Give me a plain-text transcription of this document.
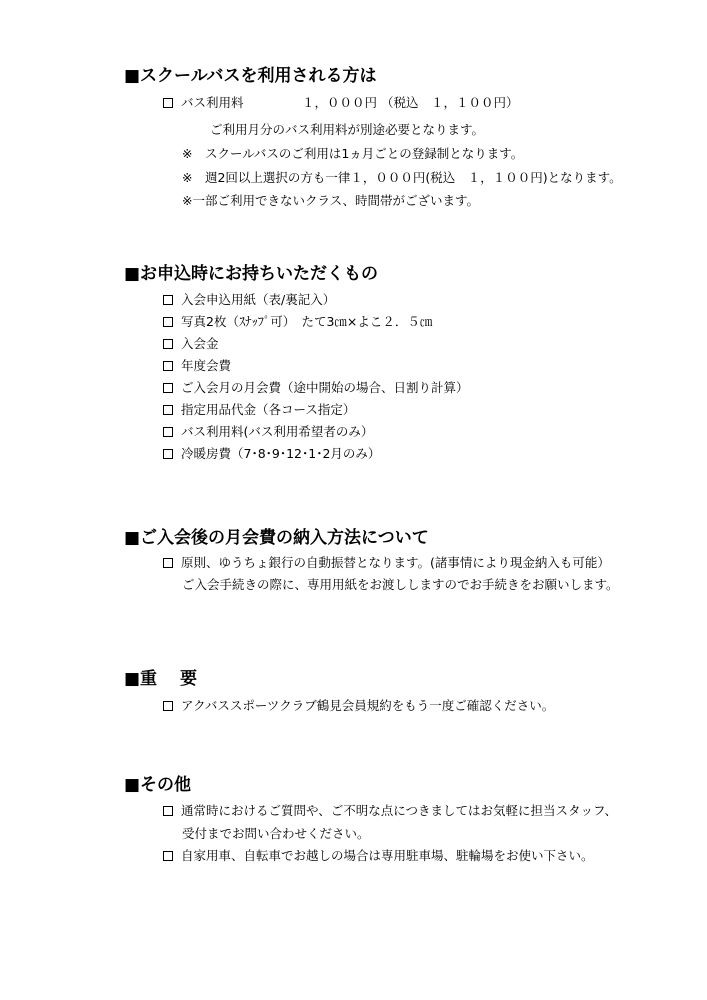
■スクールバスを利用される方は
バス利用料	１，０００円 （税込　１，１００円）
ご利用月分のバス利用料が別途必要となります。
※　スクールバスのご利用は1ヵ月ごとの登録制となります。
※　週2回以上選択の方も一律１，０００円(税込　１，１００円)となります。
※一部ご利用できないクラス、時間帯がございます。
■お申込時にお持ちいただくもの
入会申込用紙（表/裏記入）
写真2枚（ｽﾅｯﾌﾟ可）　たて3㎝×よこ２．５㎝
入会金
年度会費
ご入会月の月会費（途中開始の場合、日割り計算）
指定用品代金（各コース指定）
バス利用料(バス利用希望者のみ）
冷暖房費（7･8･9･12･1･2月のみ）
■ご入会後の月会費の納入方法について
原則、ゆうちょ銀行の自動振替となります。(諸事情により現金納入も可能）
ご入会手続きの際に、専用用紙をお渡ししますのでお手続きをお願いします。
■重　 要
アクバススポーツクラブ鶴見会員規約をもう一度ご確認ください。
■その他
通常時におけるご質問や、ご不明な点につきましてはお気軽に担当スタッフ、
受付までお問い合わせください。
自家用車、自転車でお越しの場合は専用駐車場、駐輪場をお使い下さい。
